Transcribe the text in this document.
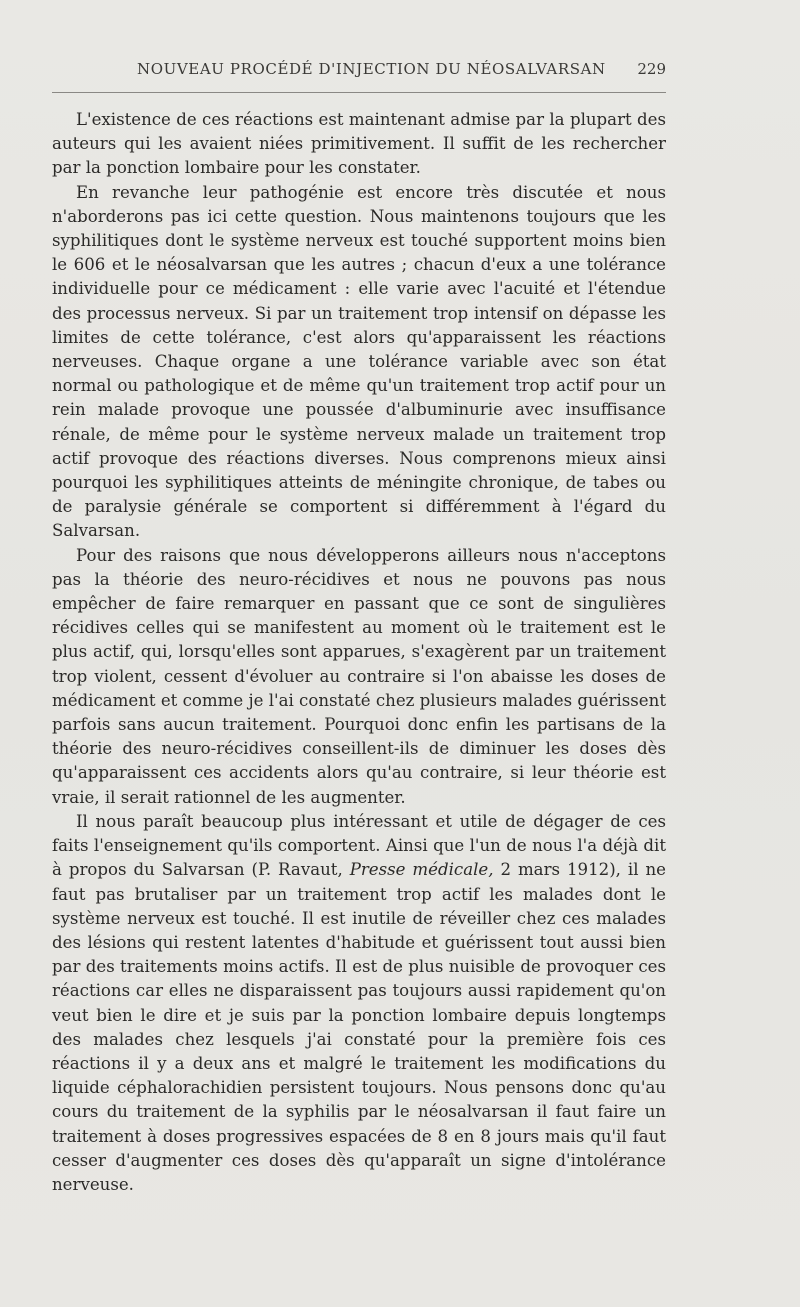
NOUVEAU PROCÉDÉ D'INJECTION DU NÉOSALVARSAN 229

L'existence de ces réactions est maintenant admise par la plupart des auteurs qui les avaient niées primitivement. Il suffit de les rechercher par la ponction lombaire pour les constater.

En revanche leur pathogénie est encore très discutée et nous n'aborderons pas ici cette question. Nous maintenons toujours que les syphilitiques dont le système nerveux est touché supportent moins bien le 606 et le néosalvarsan que les autres ; chacun d'eux a une tolérance individuelle pour ce médicament : elle varie avec l'acuité et l'étendue des processus nerveux. Si par un traitement trop intensif on dépasse les limites de cette tolérance, c'est alors qu'apparaissent les réactions nerveuses. Chaque organe a une tolérance variable avec son état normal ou pathologique et de même qu'un traitement trop actif pour un rein malade provoque une poussée d'albuminurie avec insuffisance rénale, de même pour le système nerveux malade un traitement trop actif provoque des réactions diverses. Nous comprenons mieux ainsi pourquoi les syphilitiques atteints de méningite chronique, de tabes ou de paralysie générale se comportent si différemment à l'égard du Salvarsan.

Pour des raisons que nous développerons ailleurs nous n'acceptons pas la théorie des neuro-récidives et nous ne pouvons pas nous empêcher de faire remarquer en passant que ce sont de singulières récidives celles qui se manifestent au moment où le traitement est le plus actif, qui, lorsqu'elles sont apparues, s'exagèrent par un traitement trop violent, cessent d'évoluer au contraire si l'on abaisse les doses de médicament et comme je l'ai constaté chez plusieurs malades guérissent parfois sans aucun traitement. Pourquoi donc enfin les partisans de la théorie des neuro-récidives conseillent-ils de diminuer les doses dès qu'apparaissent ces accidents alors qu'au contraire, si leur théorie est vraie, il serait rationnel de les augmenter.

Il nous paraît beaucoup plus intéressant et utile de dégager de ces faits l'enseignement qu'ils comportent. Ainsi que l'un de nous l'a déjà dit à propos du Salvarsan (P. Ravaut, Presse médicale, 2 mars 1912), il ne faut pas brutaliser par un traitement trop actif les malades dont le système nerveux est touché. Il est inutile de réveiller chez ces malades des lésions qui restent latentes d'habitude et guérissent tout aussi bien par des traitements moins actifs. Il est de plus nuisible de provoquer ces réactions car elles ne disparaissent pas toujours aussi rapidement qu'on veut bien le dire et je suis par la ponction lombaire depuis longtemps des malades chez lesquels j'ai constaté pour la première fois ces réactions il y a deux ans et malgré le traitement les modifications du liquide céphalorachidien persistent toujours. Nous pensons donc qu'au cours du traitement de la syphilis par le néosalvarsan il faut faire un traitement à doses progressives espacées de 8 en 8 jours mais qu'il faut cesser d'augmenter ces doses dès qu'apparaît un signe d'intolérance nerveuse.
